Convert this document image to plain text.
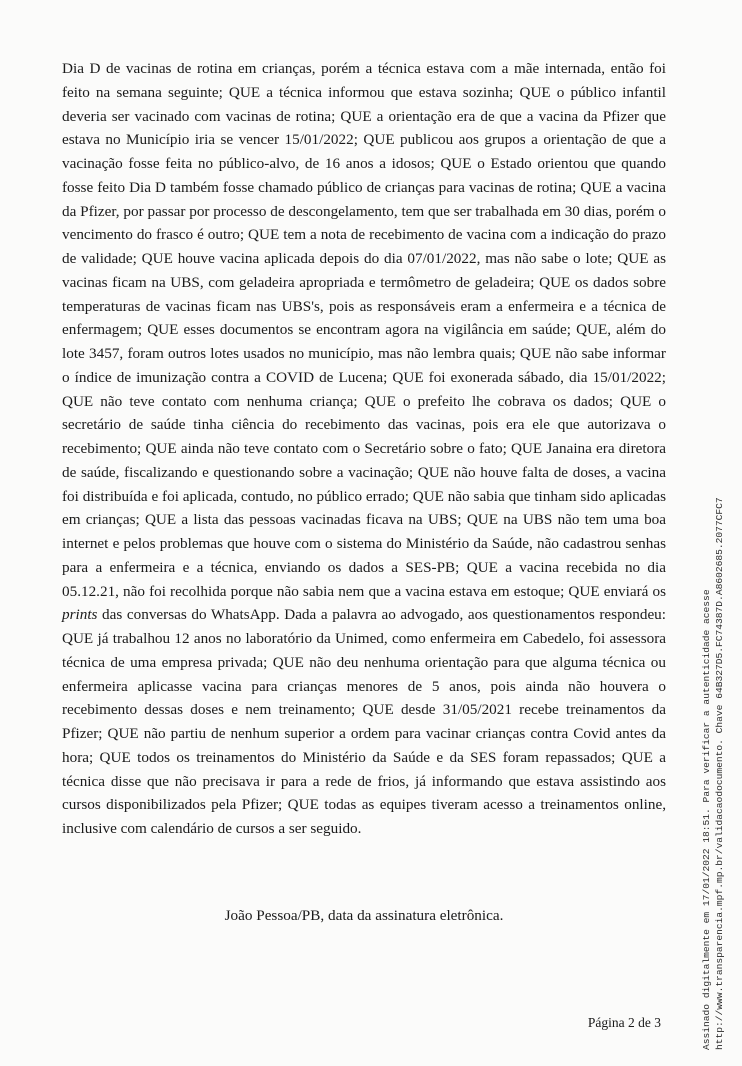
Dia D de vacinas de rotina em crianças, porém a técnica estava com a mãe internada, então foi feito na semana seguinte; QUE a técnica informou que estava sozinha; QUE o público infantil deveria ser vacinado com vacinas de rotina; QUE a orientação era de que a vacina da Pfizer que estava no Município iria se vencer 15/01/2022; QUE publicou aos grupos a orientação de que a vacinação fosse feita no público-alvo, de 16 anos a idosos; QUE o Estado orientou que quando fosse feito Dia D também fosse chamado público de crianças para vacinas de rotina; QUE a vacina da Pfizer, por passar por processo de descongelamento, tem que ser trabalhada em 30 dias, porém o vencimento do frasco é outro; QUE tem a nota de recebimento de vacina com a indicação do prazo de validade; QUE houve vacina aplicada depois do dia 07/01/2022, mas não sabe o lote; QUE as vacinas ficam na UBS, com geladeira apropriada e termômetro de geladeira; QUE os dados sobre temperaturas de vacinas ficam nas UBS's, pois as responsáveis eram a enfermeira e a técnica de enfermagem; QUE esses documentos se encontram agora na vigilância em saúde; QUE, além do lote 3457, foram outros lotes usados no município, mas não lembra quais; QUE não sabe informar o índice de imunização contra a COVID de Lucena; QUE foi exonerada sábado, dia 15/01/2022; QUE não teve contato com nenhuma criança; QUE o prefeito lhe cobrava os dados; QUE o secretário de saúde tinha ciência do recebimento das vacinas, pois era ele que autorizava o recebimento; QUE ainda não teve contato com o Secretário sobre o fato; QUE Janaina era diretora de saúde, fiscalizando e questionando sobre a vacinação; QUE não houve falta de doses, a vacina foi distribuída e foi aplicada, contudo, no público errado; QUE não sabia que tinham sido aplicadas em crianças; QUE a lista das pessoas vacinadas ficava na UBS; QUE na UBS não tem uma boa internet e pelos problemas que houve com o sistema do Ministério da Saúde, não cadastrou senhas para a enfermeira e a técnica, enviando os dados a SES-PB; QUE a vacina recebida no dia 05.12.21, não foi recolhida porque não sabia nem que a vacina estava em estoque; QUE enviará os prints das conversas do WhatsApp. Dada a palavra ao advogado, aos questionamentos respondeu: QUE já trabalhou 12 anos no laboratório da Unimed, como enfermeira em Cabedelo, foi assessora técnica de uma empresa privada; QUE não deu nenhuma orientação para que alguma técnica ou enfermeira aplicasse vacina para crianças menores de 5 anos, pois ainda não houvera o recebimento dessas doses e nem treinamento; QUE desde 31/05/2021 recebe treinamentos da Pfizer; QUE não partiu de nenhum superior a ordem para vacinar crianças contra Covid antes da hora; QUE todos os treinamentos do Ministério da Saúde e da SES foram repassados; QUE a técnica disse que não precisava ir para a rede de frios, já informando que estava assistindo aos cursos disponibilizados pela Pfizer; QUE todas as equipes tiveram acesso a treinamentos online, inclusive com calendário de cursos a ser seguido.

João Pessoa/PB, data da assinatura eletrônica.

Página 2 de 3	Assinado digitalmente em 17/01/2022 18:51. Para verificar a autenticidade acesse http://www.transparencia.mpf.mp.br/validacaodocumento. Chave 64B327D5.FC74387D.A8602685.2077CFC7
